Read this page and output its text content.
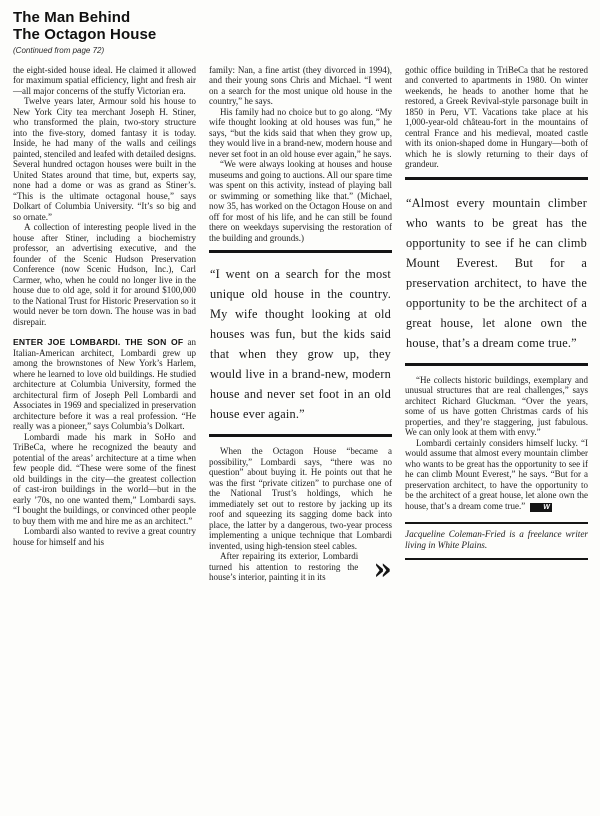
The Man Behind
The Octagon House
(Continued from page 72)

the eight-sided house ideal. He claimed it allowed for maximum spatial efficiency, light and fresh air—all major concerns of the stuffy Victorian era.

Twelve years later, Armour sold his house to New York City tea merchant Joseph H. Stiner, who transformed the plain, two-story structure into the five-story, domed fantasy it is today. Inside, he had many of the walls and ceilings painted, stenciled and leafed with detailed designs. Several hundred octagon houses were built in the United States around that time, but, experts say, none had a dome or was as grand as Stiner’s. “This is the ultimate octagonal house,” says Dolkart of Columbia University. “It’s so big and so ornate.”

A collection of interesting people lived in the house after Stiner, including a biochemistry professor, an advertising executive, and the founder of the Scenic Hudson Preservation Conference (now Scenic Hudson, Inc.), Carl Carmer, who, when he could no longer live in the house due to old age, sold it for around $100,000 to the National Trust for Historic Preservation so it would never be torn down. The house was in bad disrepair.

ENTER JOE LOMBARDI. THE SON OF an Italian-American architect, Lombardi grew up among the brownstones of New York’s Harlem, where he learned to love old buildings. He studied architecture at Columbia University, formed the architectural firm of Joseph Pell Lombardi and Associates in 1969 and specialized in preservation architecture before it was a real profession. “He really was a pioneer,” says Columbia’s Dolkart.

Lombardi made his mark in SoHo and TriBeCa, where he recognized the beauty and potential of the areas’ architecture at a time when few people did. “These were some of the finest old buildings in the city—the greatest collection of cast-iron buildings in the world—but in the early ’70s, no one wanted them,” Lombardi says. “I bought the buildings, or convinced other people to buy them with me and hire me as an architect.”

Lombardi also wanted to revive a great country house for himself and his

family: Nan, a fine artist (they divorced in 1994), and their young sons Chris and Michael. “I went on a search for the most unique old house in the country,” he says.

His family had no choice but to go along. “My wife thought looking at old houses was fun,” he says, “but the kids said that when they grow up, they would live in a brand-new, modern house and never set foot in an old house ever again,” he says.

“We were always looking at houses and house museums and going to auctions. All our spare time was spent on this activity, instead of playing ball or swimming or something like that.” (Michael, now 35, has worked on the Octagon House on and off for most of his life, and he can still be found there on weekdays supervising the restoration of the building and grounds.)

“I went on a search for the most unique old house in the country. My wife thought looking at old houses was fun, but the kids said that when they grow up, they would live in a brand-new, modern house and never set foot in an old house ever again.”

When the Octagon House “became a possibility,” Lombardi says, “there was no question” about buying it. He points out that he was the first “private citizen” to purchase one of the National Trust’s holdings, which he immediately set out to restore by jacking up its roof and squeezing its sagging dome back into place, the latter by a dangerous, two-year process implementing a unique technique that Lombardi invented, using high-tension steel cables.

»
After repairing its exterior, Lombardi turned his attention to restoring the house’s interior, painting it in its

gothic office building in TriBeCa that he restored and converted to apartments in 1980. On winter weekends, he heads to another home that he restored, a Greek Revival-style parsonage built in 1850 in Peru, VT. Vacations take place at his 1,000-year-old château-fort in the mountains of central France and his medieval, moated castle with its onion-shaped dome in Hungary—both of which he is slowly returning to their days of grandeur.

“Almost every mountain climber who wants to be great has the opportunity to see if he can climb Mount Everest. But for a preservation architect, to have the opportunity to be the architect of a great house, let alone own the house, that’s a dream come true.”

“He collects historic buildings, exemplary and unusual structures that are real challenges,” says architect Richard Gluckman. “Over the years, some of us have gotten Christmas cards of his properties, and they’re staggering, just fabulous. We can only look at them with envy.”

Lombardi certainly considers himself lucky. “I would assume that almost every mountain climber who wants to be great has the opportunity to see if he can climb Mount Everest,” he says. “But for a preservation architect, to have the opportunity to be the architect of a great house, let alone own the house, that’s a dream come true.”	W

Jacqueline Coleman-Fried is a freelance writer living in White Plains.
